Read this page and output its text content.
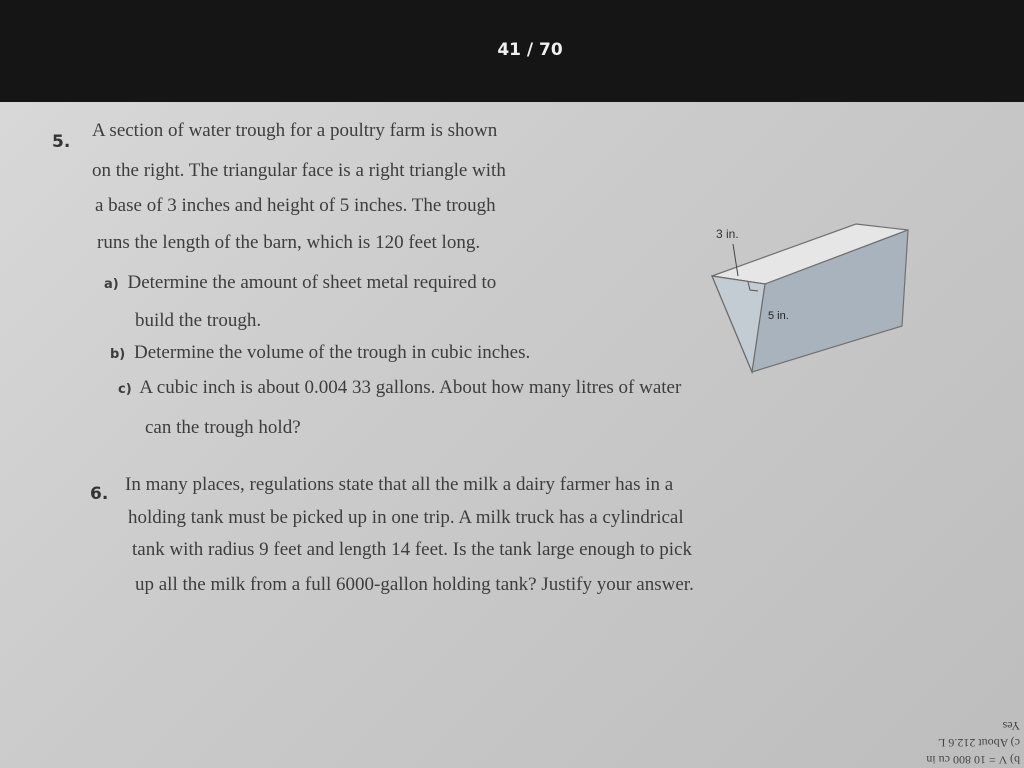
41 / 70
5.
A section of water trough for a poultry farm is shown
on the right. The triangular face is a right triangle with
a base of 3 inches and height of 5 inches. The trough
runs the length of the barn, which is 120 feet long.
a) Determine the amount of sheet metal required to
build the trough.
b) Determine the volume of the trough in cubic inches.
c) A cubic inch is about 0.004 33 gallons. About how many litres of water
can the trough hold?
3 in.
5 in.
6. In many places, regulations state that all the milk a dairy farmer has in a
holding tank must be picked up in one trip. A milk truck has a cylindrical
tank with radius 9 feet and length 14 feet. Is the tank large enough to pick
up all the milk from a full 6000-gallon holding tank? Justify your answer.
b) V = 10 800 cu in
c) About 212.6 L
Yes
